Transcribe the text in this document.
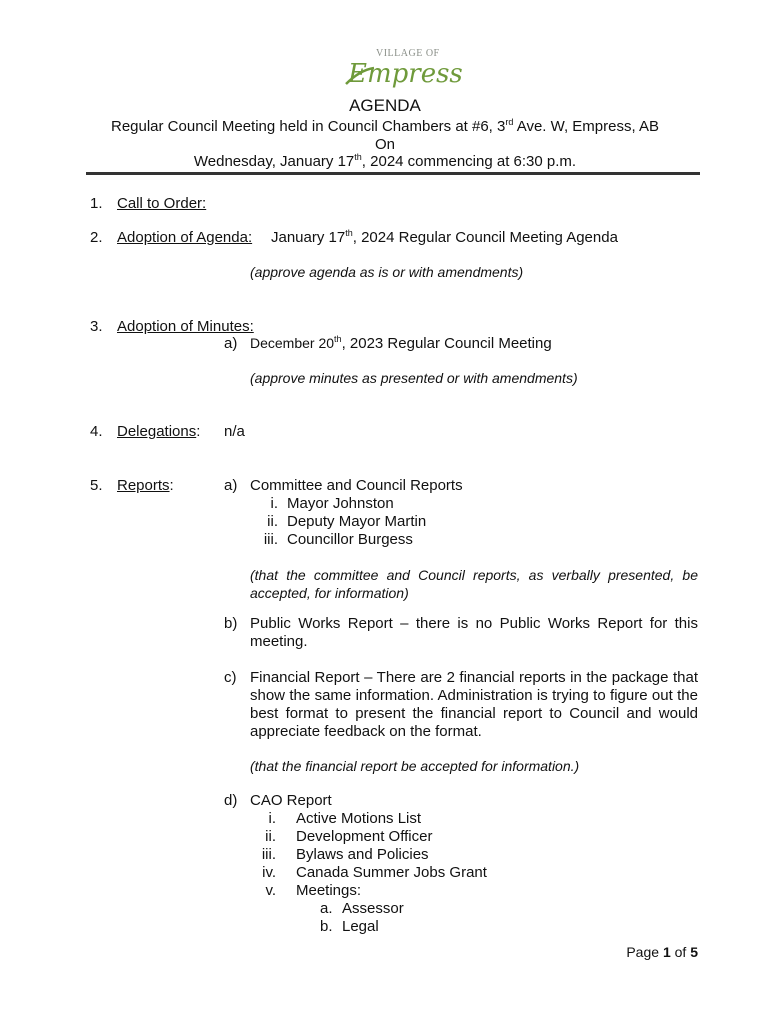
VILLAGE OF
Empress
AGENDA
Regular Council Meeting held in Council Chambers at #6, 3rd Ave. W, Empress, AB
On
Wednesday, January 17th, 2024 commencing at 6:30 p.m.
1. Call to Order:
2. Adoption of Agenda: January 17th, 2024 Regular Council Meeting Agenda
(approve agenda as is or with amendments)
3. Adoption of Minutes:
a) December 20th, 2023 Regular Council Meeting
(approve minutes as presented or with amendments)
4. Delegations: n/a
5. Reports:	a) Committee and Council Reports
i. Mayor Johnston
ii. Deputy Mayor Martin
iii. Councillor Burgess
(that the committee and Council reports, as verbally presented, be accepted, for information)
b) Public Works Report – there is no Public Works Report for this meeting.
c) Financial Report – There are 2 financial reports in the package that show the same information. Administration is trying to figure out the best format to present the financial report to Council and would appreciate feedback on the format.
(that the financial report be accepted for information.)
d) CAO Report
i. Active Motions List
ii. Development Officer
iii. Bylaws and Policies
iv. Canada Summer Jobs Grant
v. Meetings:
a. Assessor
b. Legal
Page 1 of 5
